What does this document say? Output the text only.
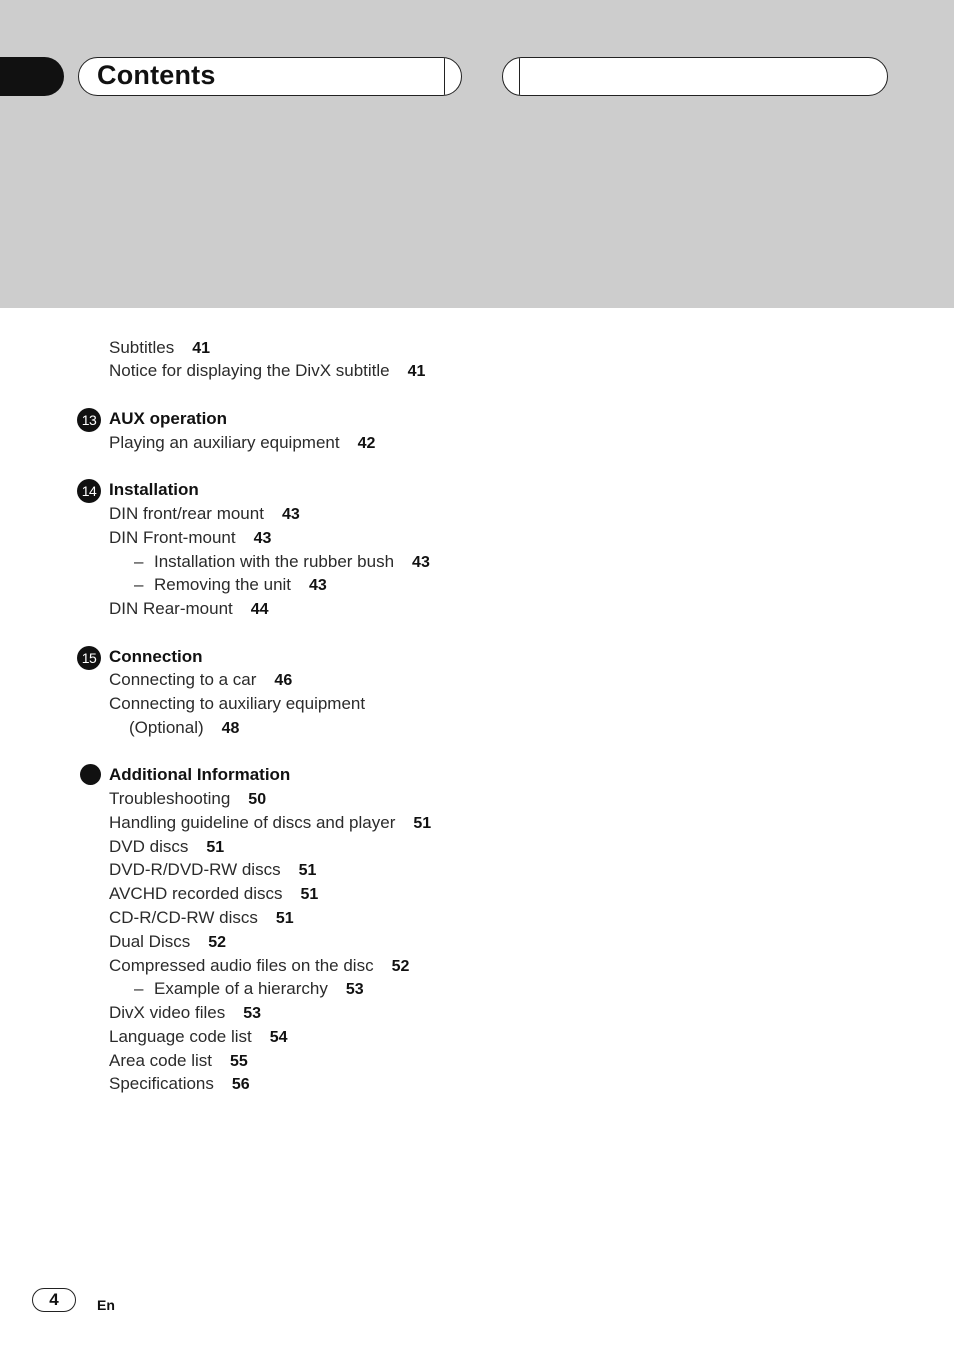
Contents
Subtitles 41
Notice for displaying the DivX subtitle 41
13 AUX operation
Playing an auxiliary equipment 42
14 Installation
DIN front/rear mount 43
DIN Front-mount 43
– Installation with the rubber bush 43
– Removing the unit 43
DIN Rear-mount 44
15 Connection
Connecting to a car 46
Connecting to auxiliary equipment
(Optional) 48
Additional Information
Troubleshooting 50
Handling guideline of discs and player 51
DVD discs 51
DVD-R/DVD-RW discs 51
AVCHD recorded discs 51
CD-R/CD-RW discs 51
Dual Discs 52
Compressed audio files on the disc 52
– Example of a hierarchy 53
DivX video files 53
Language code list 54
Area code list 55
Specifications 56
4	En
